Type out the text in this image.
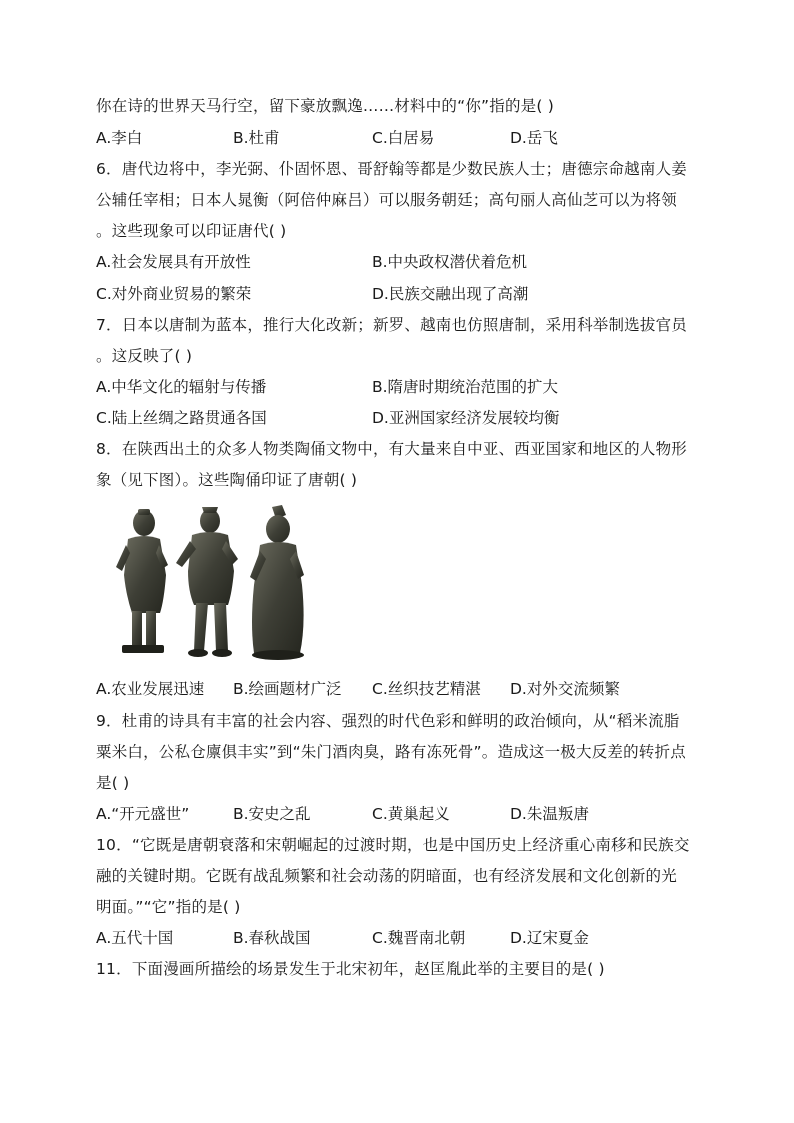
你在诗的世界天马行空，留下豪放飘逸……材料中的“你”指的是( )
A.李白	B.杜甫	C.白居易	D.岳飞
6．唐代边将中，李光弼、仆固怀恩、哥舒翰等都是少数民族人士；唐德宗命越南人姜
公辅任宰相；日本人晁衡（阿倍仲麻吕）可以服务朝廷；高句丽人高仙芝可以为将领
。这些现象可以印证唐代( )
A.社会发展具有开放性	B.中央政权潜伏着危机
C.对外商业贸易的繁荣	D.民族交融出现了高潮
7．日本以唐制为蓝本，推行大化改新；新罗、越南也仿照唐制，采用科举制选拔官员
。这反映了( )
A.中华文化的辐射与传播	B.隋唐时期统治范围的扩大
C.陆上丝绸之路贯通各国	D.亚洲国家经济发展较均衡
8．在陕西出土的众多人物类陶俑文物中，有大量来自中亚、西亚国家和地区的人物形
象（见下图）。这些陶俑印证了唐朝( )
A.农业发展迅速 B.绘画题材广泛 C.丝织技艺精湛 D.对外交流频繁
9．杜甫的诗具有丰富的社会内容、强烈的时代色彩和鲜明的政治倾向，从“稻米流脂
粟米白，公私仓廪俱丰实”到“朱门酒肉臭，路有冻死骨”。造成这一极大反差的转折点
是( )
A.“开元盛世”	B.安史之乱	C.黄巢起义	D.朱温叛唐
10．“它既是唐朝衰落和宋朝崛起的过渡时期，也是中国历史上经济重心南移和民族交
融的关键时期。它既有战乱频繁和社会动荡的阴暗面，也有经济发展和文化创新的光
明面。”“它”指的是( )
A.五代十国	B.春秋战国	C.魏晋南北朝	D.辽宋夏金
11．下面漫画所描绘的场景发生于北宋初年，赵匡胤此举的主要目的是( )
